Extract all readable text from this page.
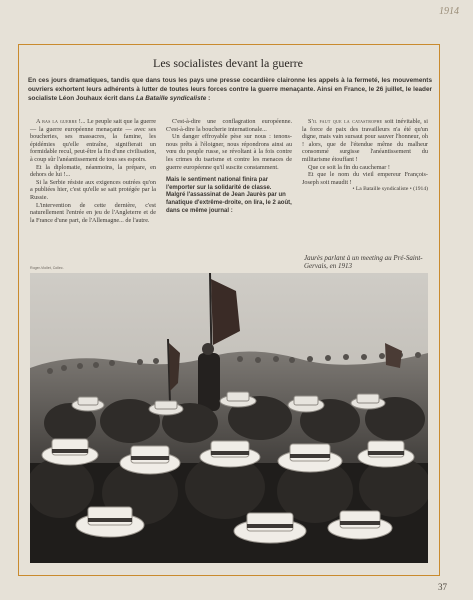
1914
Les socialistes devant la guerre
En ces jours dramatiques, tandis que dans tous les pays une presse cocardière claironne les appels à la fermeté, les mouvements ouvriers exhortent leurs adhérents à lutter de toutes leurs forces contre la guerre menaçante. Ainsi en France, le 26 juillet, le leader socialiste Léon Jouhaux écrit dans La Bataille syndicaliste :

A bas la guerre !... Le peuple sait que la guerre — la guerre européenne menaçante — avec ses boucheries, ses massacres, la famine, les épidémies qu'elle entraîne, signifierait un formidable recul, peut-être la fin d'une civilisation, à coup sûr l'anéantissement de tous ses espoirs.

Et la diplomatie, néanmoins, la prépare, en dehors de lui !...

Si la Serbie résiste aux exigences outrées qu'on a publiées hier, c'est qu'elle se sait protégée par la Russie.

L'intervention de cette dernière, c'est naturellement l'entrée en jeu de l'Angleterre et de la France d'une part, de l'Allemagne... de l'autre.

C'est-à-dire une conflagration européenne. C'est-à-dire la boucherie internationale...

Un danger effroyable pèse sur nous : tenons-nous prêts à l'éloigner, nous répondrons ainsi au vœu du peuple russe, se révoltant à la fois contre les crimes du tsarisme et contre les menaces de guerre européenne qu'il suscite constamment.

Mais le sentiment national finira par l'emporter sur la solidarité de classe. Malgré l'assassinat de Jean Jaurès par un fanatique d'extrême-droite, on lira, le 2 août, dans ce même journal :

S'il faut que la catastrophe soit inévitable, si la force de paix des travailleurs n'a été qu'un digne, mais vain sursaut pour sauver l'honneur, oh ! alors, que de l'étendue même du malheur consommé surgisse l'anéantissement du militarisme étouffant !

Que ce soit la fin du cauchemar !

Et que le nom du vieil empereur François-Joseph soit maudit !

• La Bataille syndicaliste • (1914)

Jaurès parlant à un meeting au Pré-Saint-Gervais, en 1913
Roger-Viollet, Collec.
37
